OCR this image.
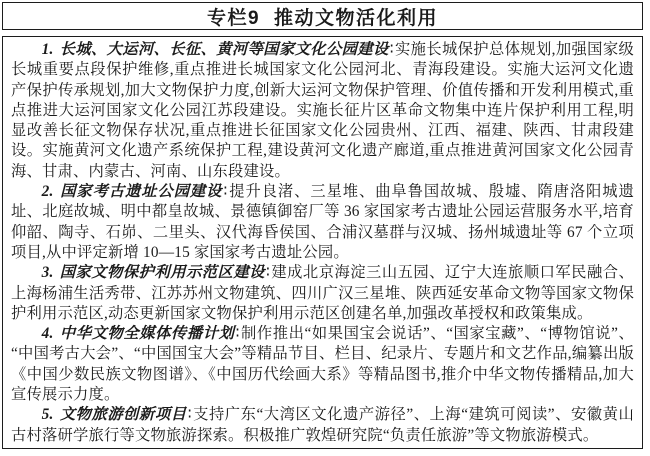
专栏9 推动文物活化利用

1. 长城、大运河、长征、黄河等国家文化公园建设∶实施长城保护总体规划,加强国家级长城重要点段保护维修,重点推进长城国家文化公园河北、青海段建设。实施大运河文化遗产保护传承规划,加大文物保护力度,创新大运河文物保护管理、价值传播和开发利用模式,重点推进大运河国家文化公园江苏段建设。实施长征片区革命文物集中连片保护利用工程,明显改善长征文物保存状况,重点推进长征国家文化公园贵州、江西、福建、陕西、甘肃段建设。实施黄河文化遗产系统保护工程,建设黄河文化遗产廊道,重点推进黄河国家文化公园青海、甘肃、内蒙古、河南、山东段建设。

2. 国家考古遗址公园建设∶提升良渚、三星堆、曲阜鲁国故城、殷墟、隋唐洛阳城遗址、北庭故城、明中都皇故城、景德镇御窑厂等 36 家国家考古遗址公园运营服务水平,培育仰韶、陶寺、石峁、二里头、汉代海昏侯国、合浦汉墓群与汉城、扬州城遗址等 67 个立项项目,从中评定新增 10—15 家国家考古遗址公园。

3. 国家文物保护利用示范区建设∶建成北京海淀三山五园、辽宁大连旅顺口军民融合、上海杨浦生活秀带、江苏苏州文物建筑、四川广汉三星堆、陕西延安革命文物等国家文物保护利用示范区,动态更新国家文物保护利用示范区创建名单,加强改革授权和政策集成。

4. 中华文物全媒体传播计划∶制作推出“如果国宝会说话”、“国家宝藏”、“博物馆说”、“中国考古大会”、“中国国宝大会”等精品节目、栏目、纪录片、专题片和文艺作品,编纂出版《中国少数民族文物图谱》、《中国历代绘画大系》等精品图书,推介中华文物传播精品,加大宣传展示力度。

5. 文物旅游创新项目∶支持广东“大湾区文化遗产游径”、上海“建筑可阅读”、安徽黄山古村落研学旅行等文物旅游探索。积极推广敦煌研究院“负责任旅游”等文物旅游模式。
